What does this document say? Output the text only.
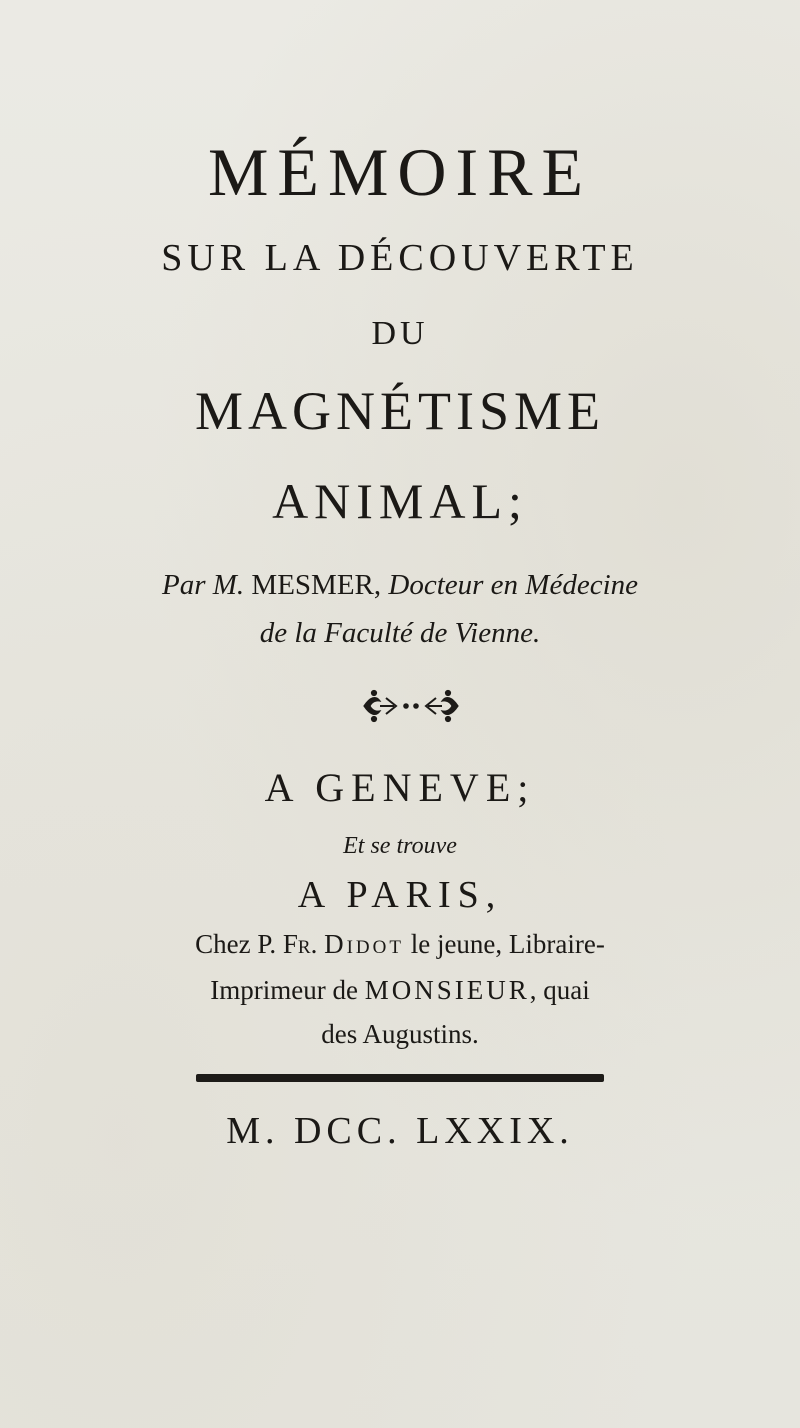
MÉMOIRE
SUR LA DÉCOUVERTE
DU
MAGNÉTISME
ANIMAL;
Par M. MESMER, Docteur en Médecine
de la Faculté de Vienne.
A GENEVE;
Et se trouve
A PARIS,
Chez P. Fr. Didot le jeune, Libraire-
Imprimeur de MONSIEUR, quai
des Augustins.
M. DCC. LXXIX.
